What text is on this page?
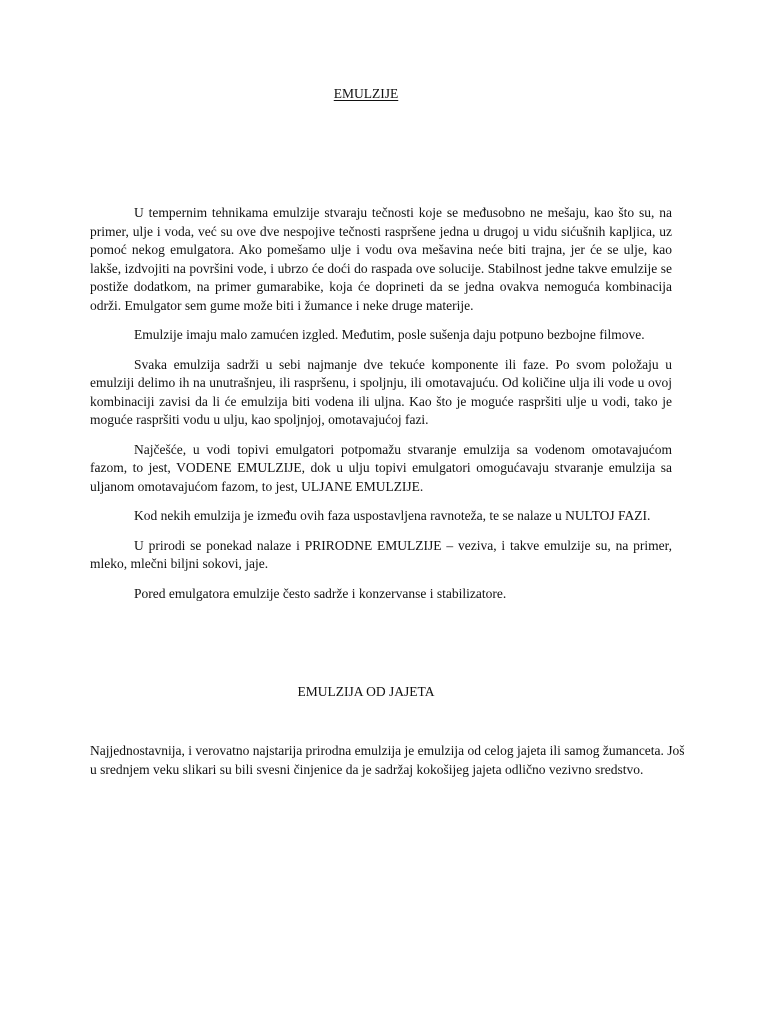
EMULZIJE

U tempernim tehnikama emulzije stvaraju tečnosti koje se međusobno ne mešaju, kao što su, na primer, ulje i voda, već su ove dve nespojive tečnosti raspršene jedna u drugoj u vidu sićušnih kapljica, uz pomoć nekog emulgatora. Ako pomešamo ulje i vodu ova mešavina neće biti trajna, jer će se ulje, kao lakše, izdvojiti na površini vode, i ubrzo će doći do raspada ove solucije. Stabilnost jedne takve emulzije se postiže dodatkom, na primer gumarabike, koja će doprineti da se jedna ovakva nemoguća kombinacija održi. Emulgator sem gume može biti i žumance i neke druge materije.

Emulzije imaju malo zamućen izgled. Međutim, posle sušenja daju potpuno bezbojne filmove.

Svaka emulzija sadrži u sebi najmanje dve tekuće komponente ili faze. Po svom položaju u emulziji delimo ih na unutrašnjeu, ili raspršenu, i spoljnju, ili omotavajuću. Od količine ulja ili vode u ovoj kombinaciji zavisi da li će emulzija biti vodena ili uljna. Kao što je moguće raspršiti ulje u vodi, tako je moguće raspršiti vodu u ulju, kao spoljnjoj, omotavajućoj fazi.

Najčešće, u vodi topivi emulgatori potpomažu stvaranje emulzija sa vodenom omotavajućom fazom, to jest, VODENE EMULZIJE, dok u ulju topivi emulgatori omogućavaju stvaranje emulzija sa uljanom omotavajućom fazom, to jest, ULJANE EMULZIJE.

Kod nekih emulzija je između ovih faza uspostavljena ravnoteža, te se nalaze u NULTOJ FAZI.

U prirodi se ponekad nalaze i PRIRODNE EMULZIJE – veziva, i takve emulzije su, na primer, mleko, mlečni biljni sokovi, jaje.

Pored emulgatora emulzije često sadrže i konzervanse i stabilizatore.

EMULZIJA OD JAJETA

Najjednostavnija, i verovatno najstarija prirodna emulzija je emulzija od celog jajeta ili samog žumanceta. Još u srednjem veku slikari su bili svesni činjenice da je sadržaj kokošijeg jajeta odlično vezivno sredstvo.
